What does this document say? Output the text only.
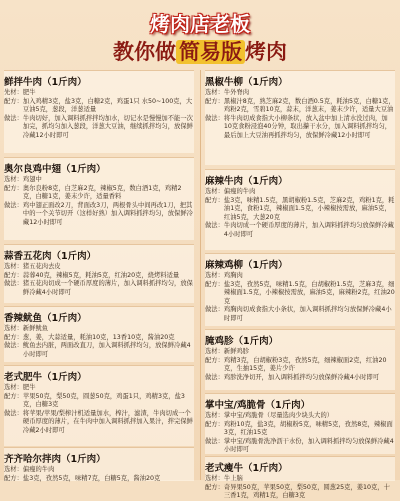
烤肉店老板
教你做 简易版 烤肉
鲜拌牛肉（1斤肉）
先材： 肥牛
配方： 加入鸡精3克，盐3克，白糖2克，鸡蛋1只 水50~100克，大豆油5克，葱段，洋葱适量
做法： 牛肉切好，加入调料抓拌拌均加水，切记水是慢慢加不能一次加完，抓均匀加入葱段，洋葱大豆油，继续抓拌均匀，放保鲜冷藏12小时即可
奥尔良鸡中翅（1斤肉）
选材： 鸡翅中
配方： 奥尔良粉8克，白芝麻2克，辣椒5克，数白酒1克，鸡精2克，白糖1克，姜末少许，适量香料
做法： 鸡中翅正面改2刀，背面改3刀，两根骨头中间再改1刀，把其中的一个关节切开（这样好熟）加入调料抓拌均匀，放保鲜冷藏12小时即可
蒜香五花肉（1斤肉）
选材： 猪五花肉去皮
配方： 蒜蓉40克，辣椒5克，耗油5克，红油20克，烧烤料适量
做法： 猪五花肉切成一个硬币厚度的薄片，加入调料抓拌均匀，放保鲜冷藏4小时即可
香辣鱿鱼（1斤肉）
选材： 新鲜鱿鱼
配方： 葱，姜，大蒜适量，耗油10克，13香10克，酱油20克
做法： 鱿鱼去内脏，两面改直刀，加入调料抓拌均匀，放保鲜冷藏4小时即可
老式肥牛（1斤肉）
选材： 肥牛
配方： 苹果50克，梨50克，圆葱50克，鸡蛋1只，鸡精3克，盐3克，白糖3克
做法： 将苹果/苹果/梨榨汁机适量加水，榨汁，滤渣，牛肉切成一个硬币厚度的薄片，在牛肉中加入调料抓拌加入果汁，拌完保鲜冷藏2小时即可
齐齐哈尔拌肉（1斤肉）
选材： 偏瘦的牛肉
配方： 盐3克，孜然5克，味精7克，白糖5克，酱油20克
黑椒牛柳（1斤肉）
选材： 牛外脊肉
配方： 黑椒汁8克，熟芝麻2克，数白酒0.5克，耗油5克，白糖1克，鸡粉2克，雪碧10克，蒜末，洋葱末，姜末少许，适量大豆油
做法： 将牛肉切成食指大小柳条状，放入盆中加上清水没过肉，加10克食粉浸泡40分钟，取出攥干水分，加入调料抓拌均匀，最后加上大豆油再抓拌均匀，放保鲜冷藏12小时即可
麻辣牛肉（1斤肉）
选材： 偏瘦的牛肉
配方： 盐3克，味精1.5克，黑胡椒粉1.5克，芝麻2克，鸡粉1克，耗油1克，食粉1克，辣椒面1.5克，小辣椒按需放，麻油5克，红油5克，大葱20克
做法： 牛肉切成一个硬币厚度的薄片，加入调料抓拌均匀放保鲜冷藏4小时即可
麻辣鸡柳（1斤肉）
选材： 鸡胸肉
配方： 盐3克，孜然5克，味精1.5克，白胡椒粉1.5克，芝麻3克，细辣椒面1.5克，小辣椒按需放，麻油5克，麻辣粉2克，红油20克
做法： 鸡胸肉切成食指大小条状，加入调料抓拌均匀放保鲜冷藏4小时即可
腌鸡胗（1斤肉）
选材： 新鲜鸡胗
配方： 鸡精3克，白胡椒粉3克，孜然5克，细辣椒面2克，红油20克，生抽15克，姜片少许
做法： 鸡胗洗净切开，加入调料抓拌均匀放保鲜冷藏4小时即可
掌中宝/鸡脆骨（1斤肉）
选材： 掌中宝/鸡脆骨（尽量选肉少块头大的）
配方： 鸡粉10克，盐3克，胡椒粉5克，味精5克，孜然8克，辣椒面3克，红油15克
做法： 掌中宝/鸡脆骨洗净沥干水份，加入调料抓拌均匀放保鲜冷藏4小时即可
老式瘦牛（1斤肉）
选材： 牛上脑
配方： 奇异果50克，苹果50克，梨50克，圆葱25克，姜10克，十三香1克，鸡精1克，白糖3克
